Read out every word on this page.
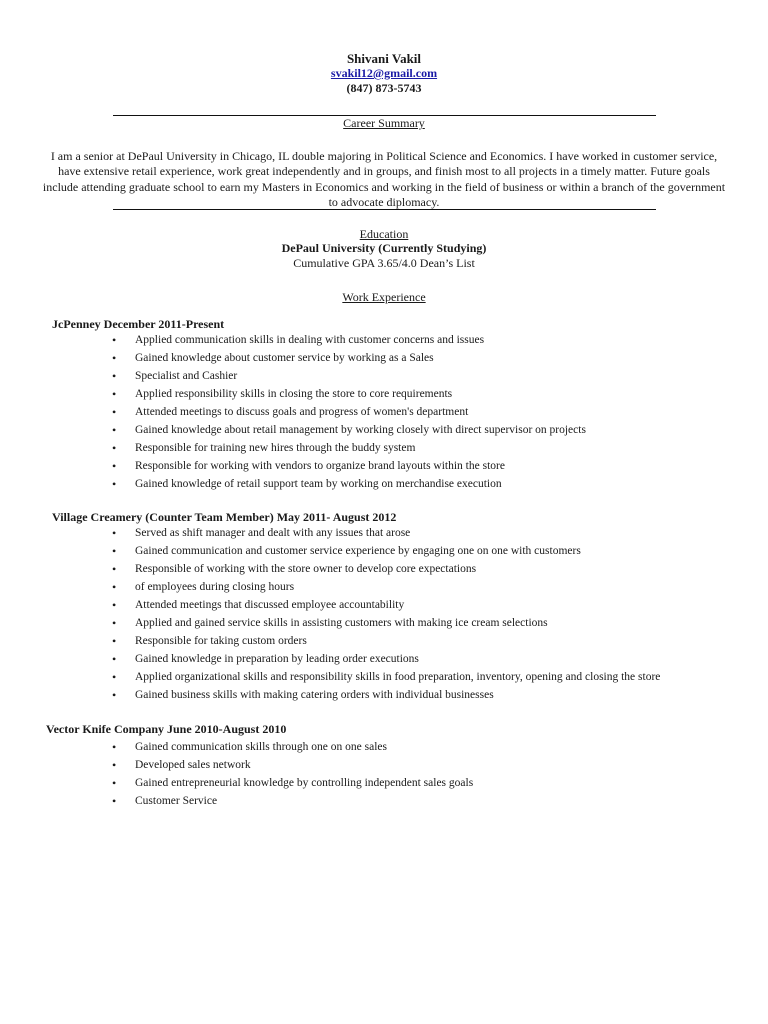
Shivani Vakil
svakil12@gmail.com
(847) 873-5743
Career Summary
I am a senior at DePaul University in Chicago, IL double majoring in Political Science and Economics. I have worked in customer service, have extensive retail experience, work great independently and in groups, and finish most to all projects in a timely matter. Future goals include attending graduate school to earn my Masters in Economics and working in the field of business or within a branch of the government to advocate diplomacy.
Education
DePaul University (Currently Studying)
Cumulative GPA 3.65/4.0 Dean’s List
Work Experience
JcPenney December 2011-Present
• Applied communication skills in dealing with customer concerns and issues
• Gained knowledge about customer service by working as a Sales
• Specialist and Cashier
• Applied responsibility skills in closing the store to core requirements
• Attended meetings to discuss goals and progress of women's department
• Gained knowledge about retail management by working closely with direct supervisor on projects
• Responsible for training new hires through the buddy system
• Responsible for working with vendors to organize brand layouts within the store
• Gained knowledge of retail support team by working on merchandise execution
Village Creamery (Counter Team Member) May 2011- August 2012
• Served as shift manager and dealt with any issues that arose
• Gained communication and customer service experience by engaging one on one with customers
• Responsible of working with the store owner to develop core expectations
• of employees during closing hours
• Attended meetings that discussed employee accountability
• Applied and gained service skills in assisting customers with making ice cream selections
• Responsible for taking custom orders
• Gained knowledge in preparation by leading order executions
• Applied organizational skills and responsibility skills in food preparation, inventory, opening and closing the store
• Gained business skills with making catering orders with individual businesses
Vector Knife Company June 2010-August 2010
• Gained communication skills through one on one sales
• Developed sales network
• Gained entrepreneurial knowledge by controlling independent sales goals
• Customer Service
